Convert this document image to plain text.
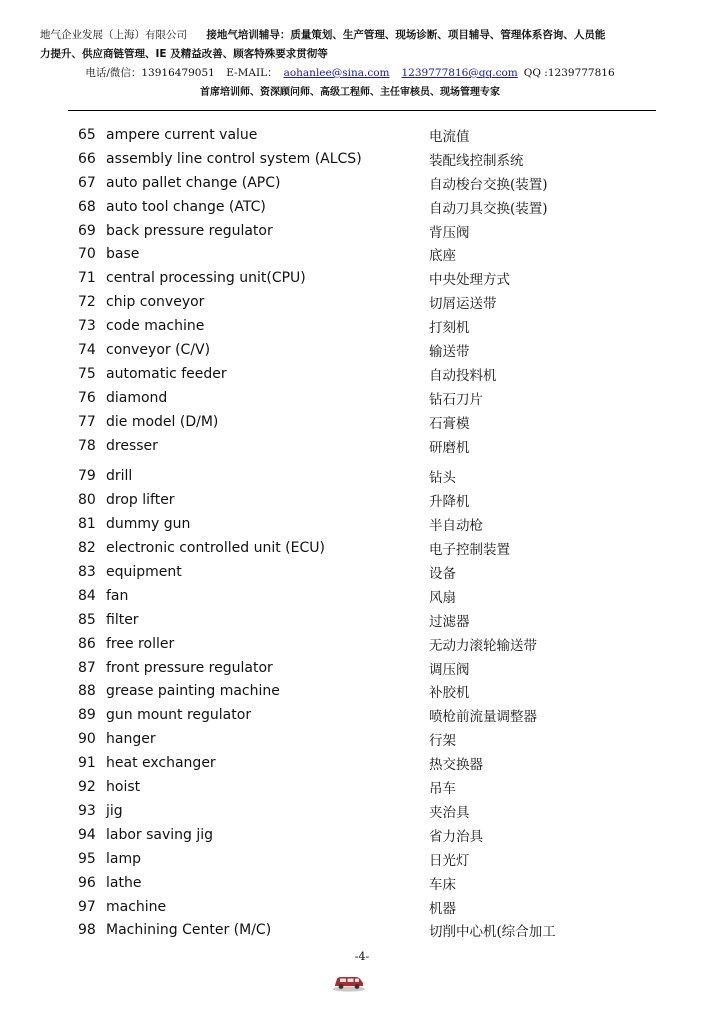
地气企业发展（上海）有限公司 接地气培训辅导：质量策划、生产管理、现场诊断、项目辅导、管理体系咨询、人员能
力提升、供应商链管理、IE 及精益改善、顾客特殊要求贯彻等
电话/微信：13916479051 E-MAIL： aohanlee@sina.com 1239777816@qq.com QQ :1239777816
首席培训师、资深顾问师、高级工程师、主任审核员、现场管理专家
65 ampere current value	电流值
66 assembly line control system (ALCS)	装配线控制系统
67 auto pallet change (APC)	自动梭台交换(装置)
68 auto tool change (ATC)	自动刀具交换(装置)
69 back pressure regulator	背压阀
70 base	底座
71 central processing unit(CPU)	中央处理方式
72 chip conveyor	切屑运送带
73 code machine	打刻机
74 conveyor (C/V)	输送带
75 automatic feeder	自动投料机
76 diamond	钻石刀片
77 die model (D/M)	石膏模
78 dresser	研磨机
79 drill	钻头
80 drop lifter	升降机
81 dummy gun	半自动枪
82 electronic controlled unit (ECU)	电子控制装置
83 equipment	设备
84 fan	风扇
85 filter	过滤器
86 free roller	无动力滚轮输送带
87 front pressure regulator	调压阀
88 grease painting machine	补胶机
89 gun mount regulator	喷枪前流量调整器
90 hanger	行架
91 heat exchanger	热交换器
92 hoist	吊车
93 jig	夹治具
94 labor saving jig	省力治具
95 lamp	日光灯
96 lathe	车床
97 machine	机器
98 Machining Center (M/C)	切削中心机(综合加工
-4-
